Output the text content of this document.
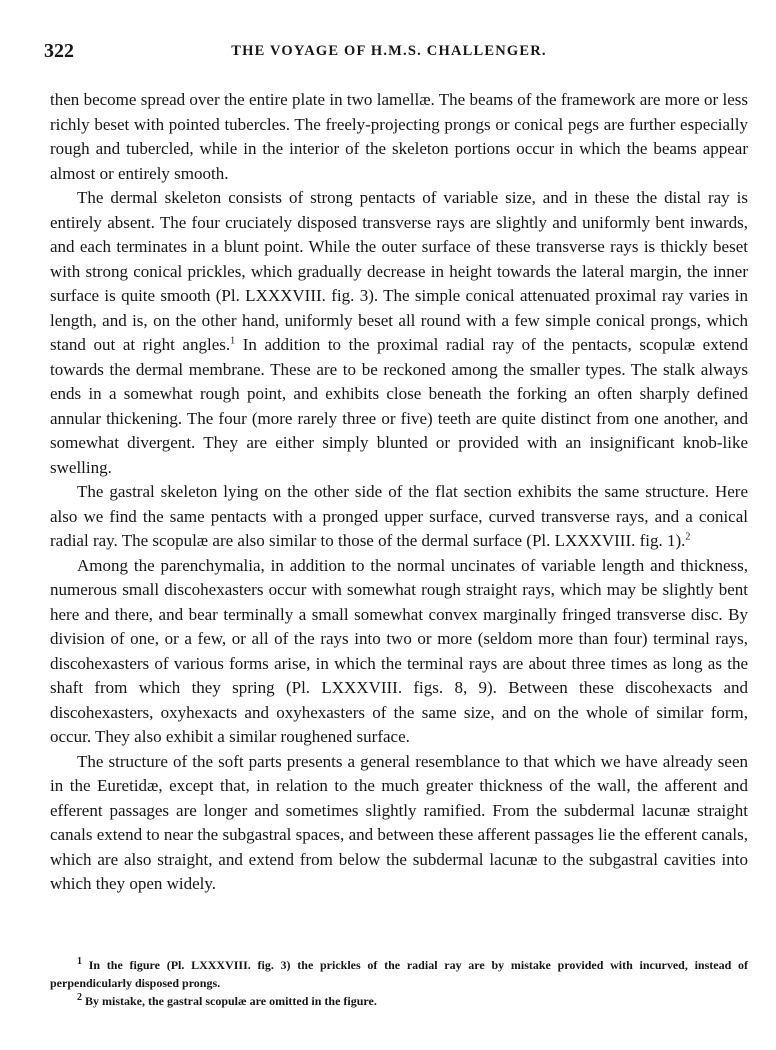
322	THE VOYAGE OF H.M.S. CHALLENGER.

then become spread over the entire plate in two lamellæ. The beams of the framework are more or less richly beset with pointed tubercles. The freely-projecting prongs or conical pegs are further especially rough and tubercled, while in the interior of the skeleton portions occur in which the beams appear almost or entirely smooth.

The dermal skeleton consists of strong pentacts of variable size, and in these the distal ray is entirely absent. The four cruciately disposed transverse rays are slightly and uniformly bent inwards, and each terminates in a blunt point. While the outer surface of these transverse rays is thickly beset with strong conical prickles, which gradually decrease in height towards the lateral margin, the inner surface is quite smooth (Pl. LXXXVIII. fig. 3). The simple conical attenuated proximal ray varies in length, and is, on the other hand, uniformly beset all round with a few simple conical prongs, which stand out at right angles.$^1$ In addition to the proximal radial ray of the pentacts, scopulæ extend towards the dermal membrane. These are to be reckoned among the smaller types. The stalk always ends in a somewhat rough point, and exhibits close beneath the forking an often sharply defined annular thickening. The four (more rarely three or five) teeth are quite distinct from one another, and somewhat divergent. They are either simply blunted or provided with an insignificant knob-like swelling.

The gastral skeleton lying on the other side of the flat section exhibits the same structure. Here also we find the same pentacts with a pronged upper surface, curved transverse rays, and a conical radial ray. The scopulæ are also similar to those of the dermal surface (Pl. LXXXVIII. fig. 1).$^2$

Among the parenchymalia, in addition to the normal uncinates of variable length and thickness, numerous small discohexasters occur with somewhat rough straight rays, which may be slightly bent here and there, and bear terminally a small somewhat convex marginally fringed transverse disc. By division of one, or a few, or all of the rays into two or more (seldom more than four) terminal rays, discohexasters of various forms arise, in which the terminal rays are about three times as long as the shaft from which they spring (Pl. LXXXVIII. figs. 8, 9). Between these discohexacts and discohexasters, oxyhexacts and oxyhexasters of the same size, and on the whole of similar form, occur. They also exhibit a similar roughened surface.

The structure of the soft parts presents a general resemblance to that which we have already seen in the Euretidæ, except that, in relation to the much greater thickness of the wall, the afferent and efferent passages are longer and sometimes slightly ramified. From the subdermal lacunæ straight canals extend to near the subgastral spaces, and between these afferent passages lie the efferent canals, which are also straight, and extend from below the subdermal lacunæ to the subgastral cavities into which they open widely.

$^1$ In the figure (Pl. LXXXVIII. fig. 3) the prickles of the radial ray are by mistake provided with incurved, instead of perpendicularly disposed prongs.

$^2$ By mistake, the gastral scopulæ are omitted in the figure.
